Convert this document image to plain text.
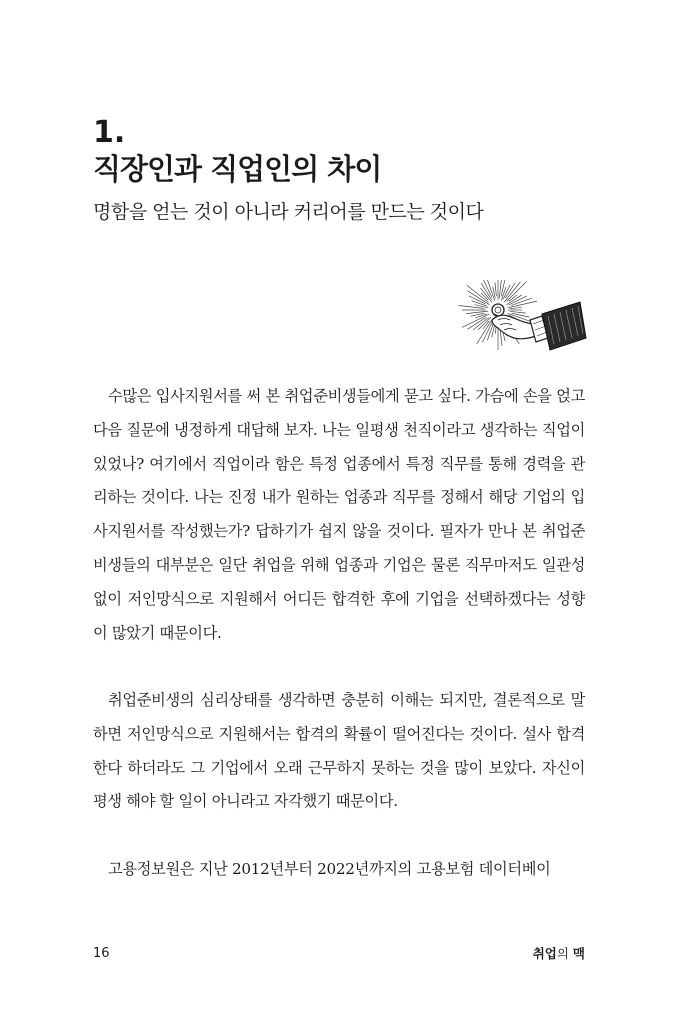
1.
직장인과 직업인의 차이
명함을 얻는 것이 아니라 커리어를 만드는 것이다

수많은 입사지원서를 써 본 취업준비생들에게 묻고 싶다. 가슴에 손을 얹고 다음 질문에 냉정하게 대답해 보자. 나는 일평생 천직이라고 생각하는 직업이 있었나? 여기에서 직업이라 함은 특정 업종에서 특정 직무를 통해 경력을 관리하는 것이다. 나는 진정 내가 원하는 업종과 직무를 정해서 해당 기업의 입사지원서를 작성했는가? 답하기가 쉽지 않을 것이다. 필자가 만나 본 취업준비생들의 대부분은 일단 취업을 위해 업종과 기업은 물론 직무마저도 일관성 없이 저인망식으로 지원해서 어디든 합격한 후에 기업을 선택하겠다는 성향이 많았기 때문이다.

취업준비생의 심리상태를 생각하면 충분히 이해는 되지만, 결론적으로 말하면 저인망식으로 지원해서는 합격의 확률이 떨어진다는 것이다. 설사 합격한다 하더라도 그 기업에서 오래 근무하지 못하는 것을 많이 보았다. 자신이 평생 해야 할 일이 아니라고 자각했기 때문이다.

고용정보원은 지난 2012년부터 2022년까지의 고용보험 데이터베이

16	취업의 맥
